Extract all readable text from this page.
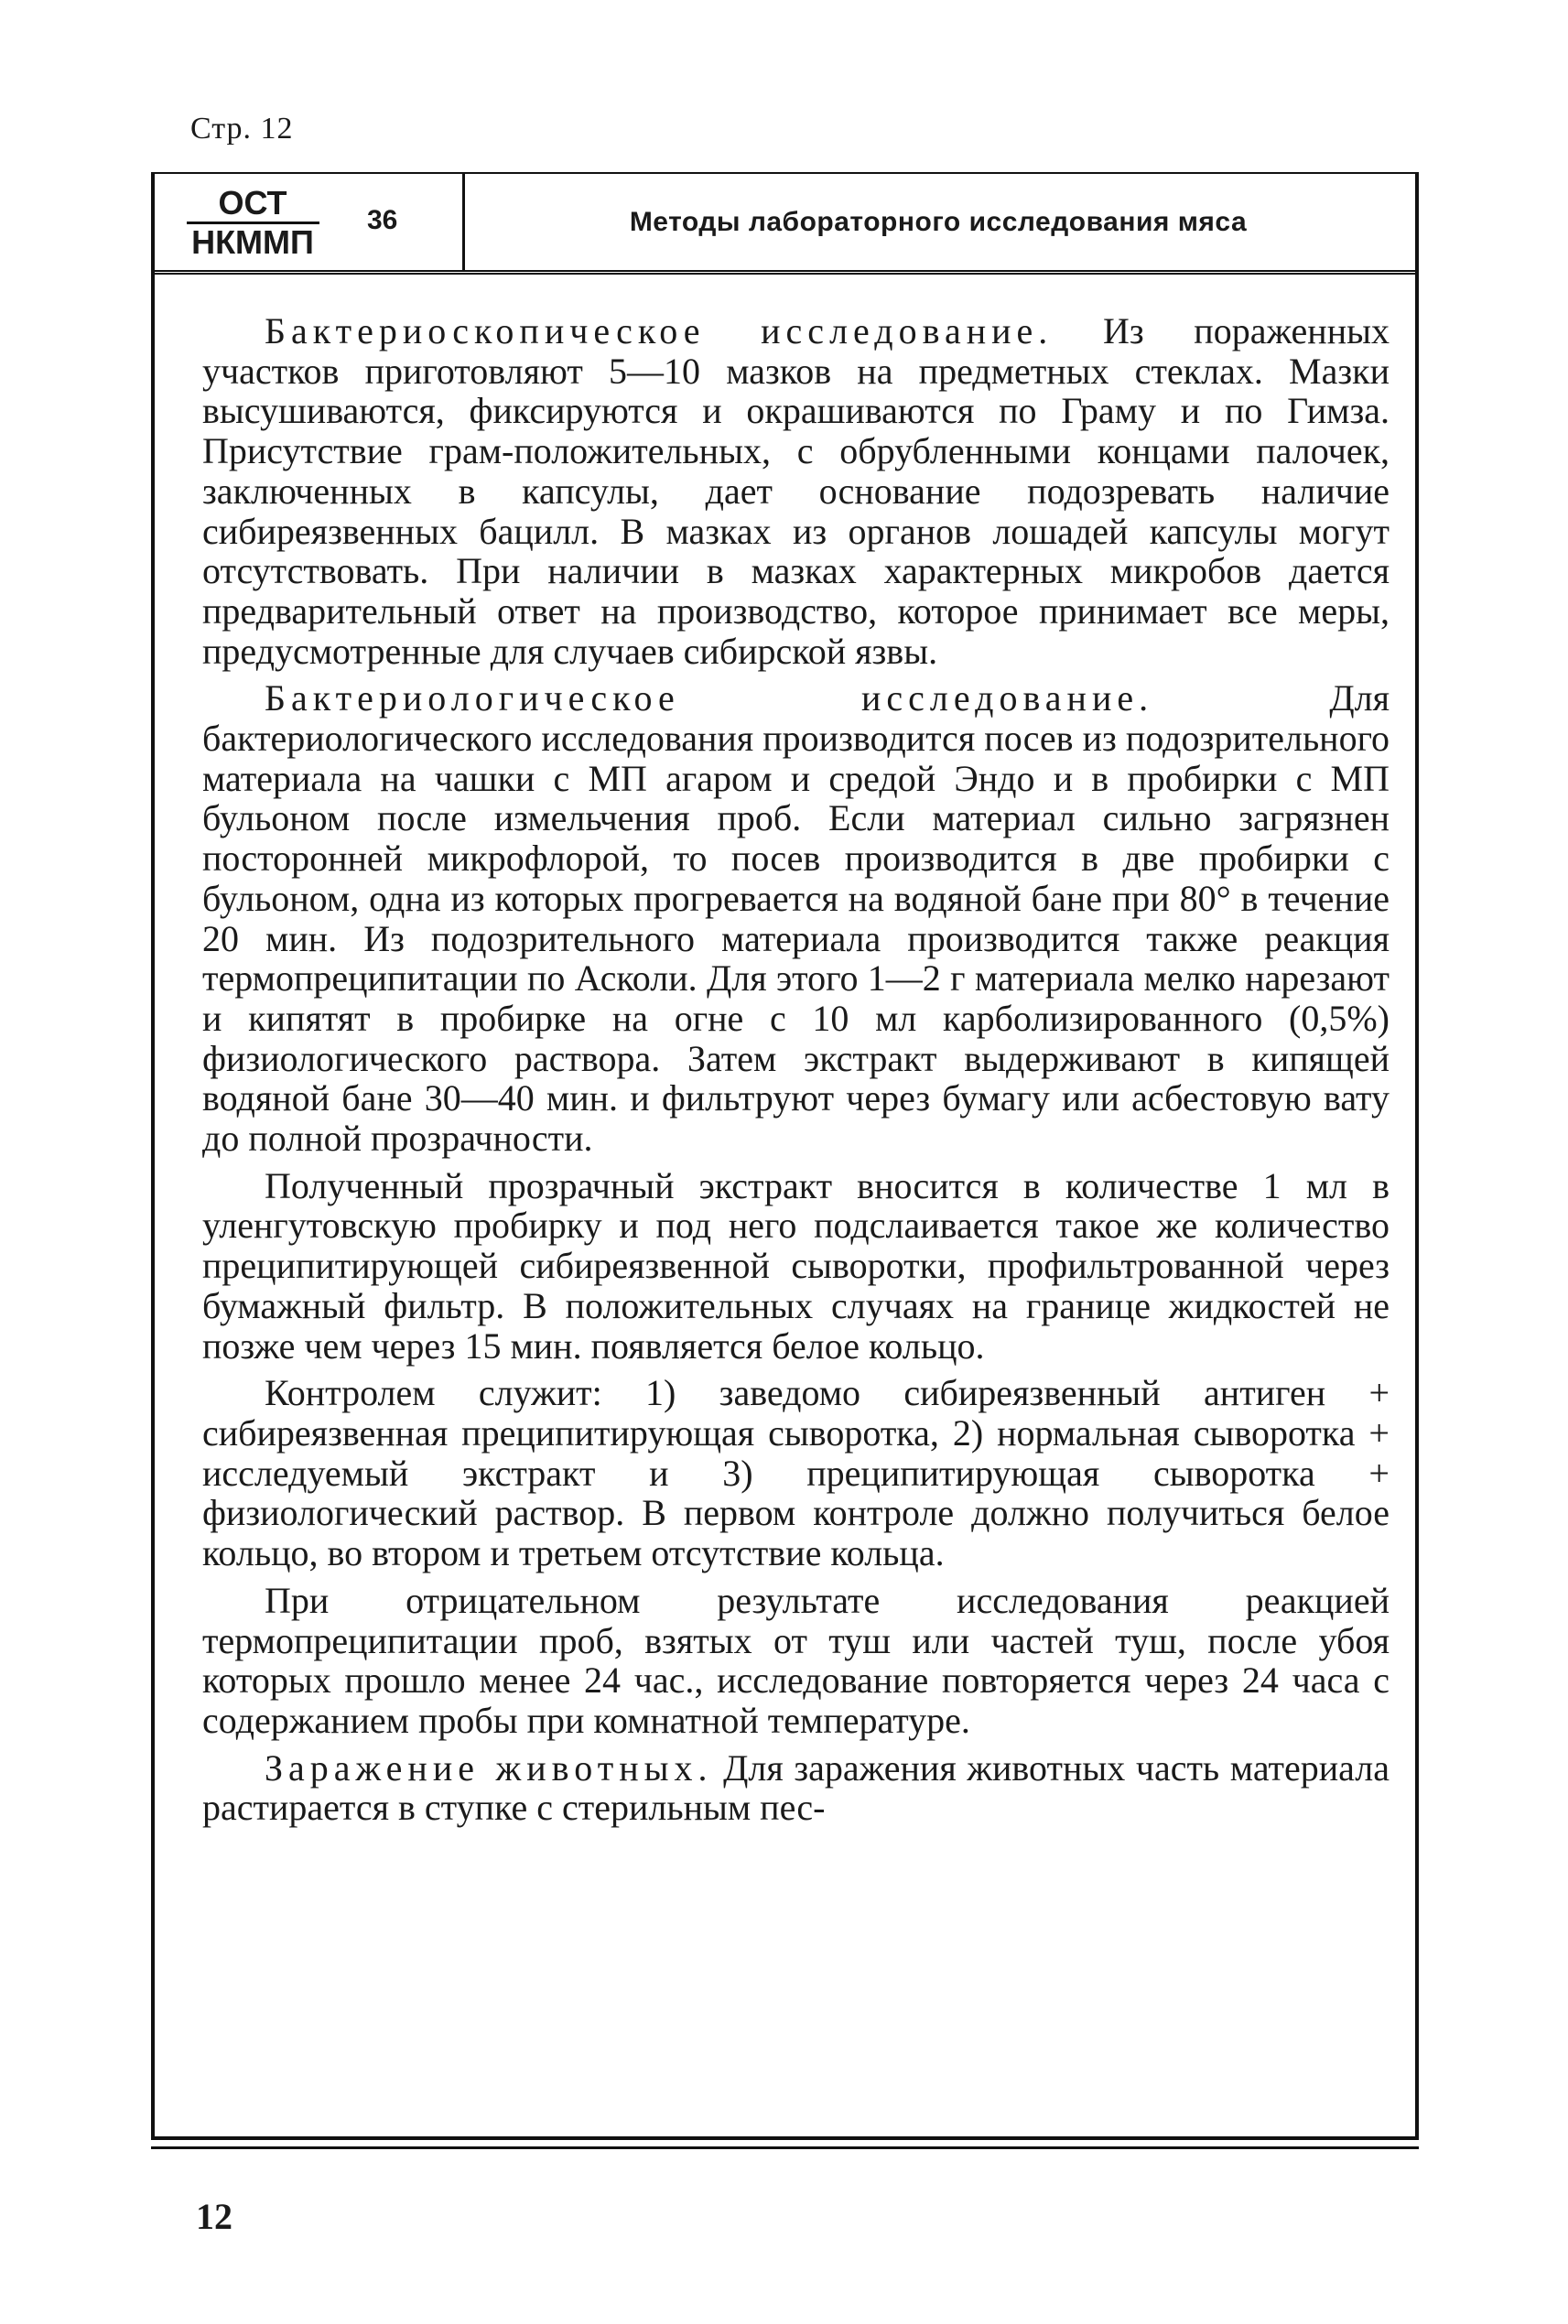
Стр. 12
ОСТ
НКММП
36	Методы лабораторного исследования мяса

Бактериоскопическое исследование. Из пораженных участков приготовляют 5—10 мазков на предметных стеклах. Мазки высушиваются, фиксируются и окрашиваются по Граму и по Гимза. Присутствие грам-положительных, с обрубленными концами палочек, заключенных в капсулы, дает основание подозревать наличие сибиреязвенных бацилл. В мазках из органов лошадей капсулы могут отсутствовать. При наличии в мазках характерных микробов дается предварительный ответ на производство, которое принимает все меры, предусмотренные для случаев сибирской язвы.

Бактериологическое исследование. Для бактериологического исследования производится посев из подозрительного материала на чашки с МП агаром и средой Эндо и в пробирки с МП бульоном после измельчения проб. Если материал сильно загрязнен посторонней микрофлорой, то посев производится в две пробирки с бульоном, одна из которых прогревается на водяной бане при 80° в течение 20 мин. Из подозрительного материала производится также реакция термопреципитации по Асколи. Для этого 1—2 г материала мелко нарезают и кипятят в пробирке на огне с 10 мл карболизированного (0,5%) физиологического раствора. Затем экстракт выдерживают в кипящей водяной бане 30—40 мин. и фильтруют через бумагу или асбестовую вату до полной прозрачности.

Полученный прозрачный экстракт вносится в количестве 1 мл в уленгутовскую пробирку и под него подслаивается такое же количество преципитирующей сибиреязвенной сыворотки, профильтрованной через бумажный фильтр. В положительных случаях на границе жидкостей не позже чем через 15 мин. появляется белое кольцо.

Контролем служит: 1) заведомо сибиреязвенный антиген + сибиреязвенная преципитирующая сыворотка, 2) нормальная сыворотка + исследуемый экстракт и 3) преципитирующая сыворотка + физиологический раствор. В первом контроле должно получиться белое кольцо, во втором и третьем отсутствие кольца.

При отрицательном результате исследования реакцией термопреципитации проб, взятых от туш или частей туш, после убоя которых прошло менее 24 час., исследование повторяется через 24 часа с содержанием пробы при комнатной температуре.

Заражение животных. Для заражения животных часть материала растирается в ступке с стерильным пес-

12
